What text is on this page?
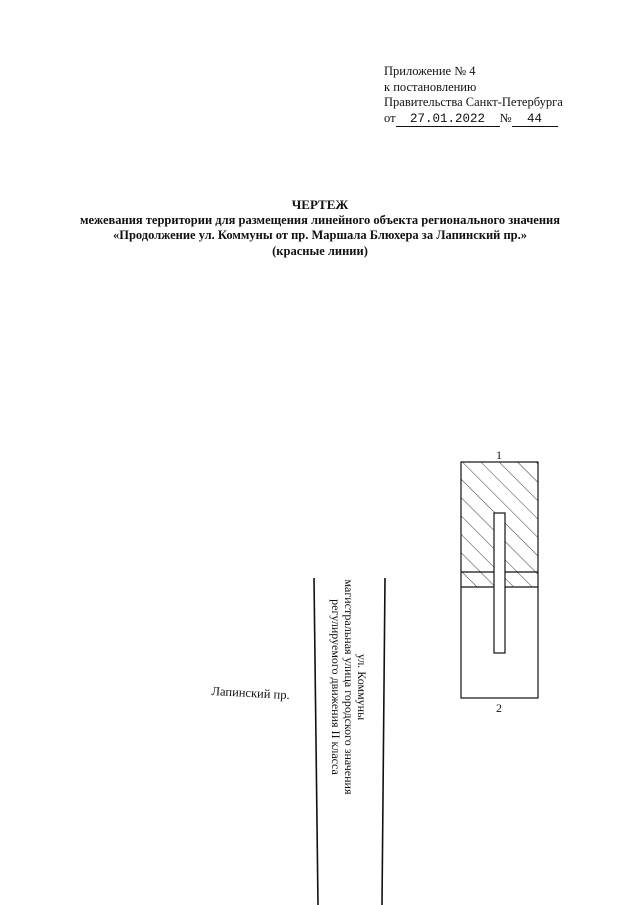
Приложение № 4
к постановлению
Правительства Санкт-Петербурга
от 27.01.2022 № 44
ЧЕРТЕЖ
межевания территории для размещения линейного объекта регионального значения
«Продолжение ул. Коммуны от пр. Маршала Блюхера за Лапинский пр.»
(красные линии)
1
2
ул. Коммуны
магистральная улица городского значения
регулируемого движения II класса
Лапинский пр.
